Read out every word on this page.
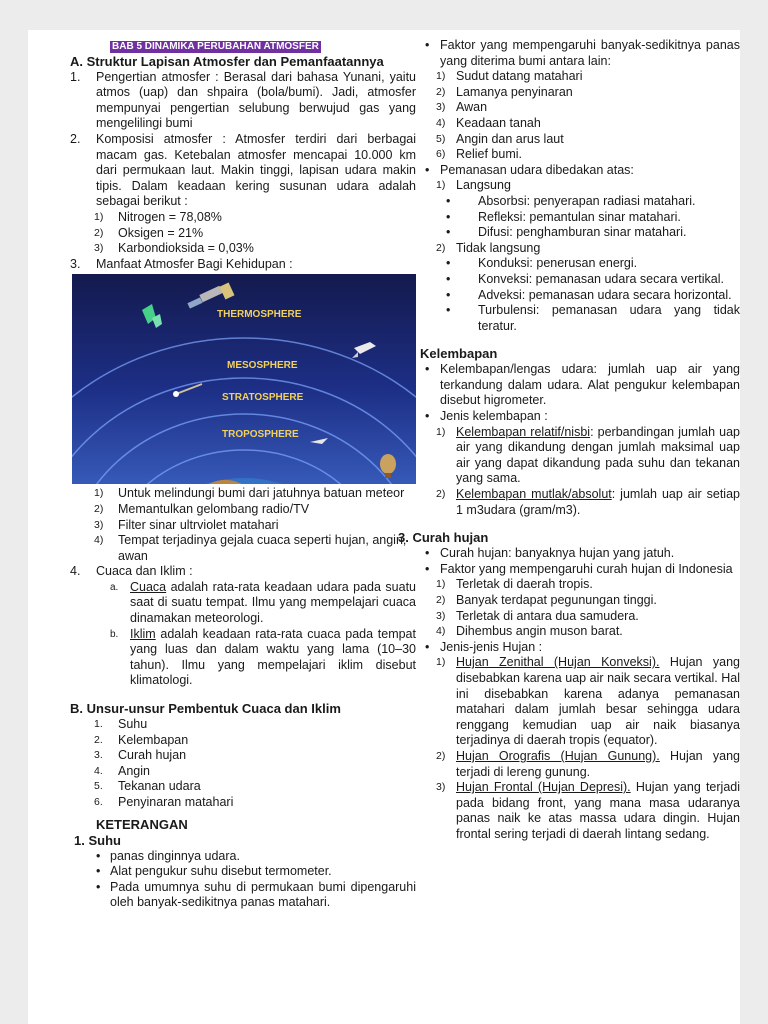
BAB 5 DINAMIKA PERUBAHAN ATMOSFER
A. Struktur Lapisan Atmosfer dan Pemanfaatannya
1. Pengertian atmosfer : Berasal dari bahasa Yunani, yaitu atmos (uap) dan shpaira (bola/bumi). Jadi, atmosfer mempunyai pengertian selubung berwujud gas yang mengelilingi bumi
2. Komposisi atmosfer : Atmosfer terdiri dari berbagai macam gas. Ketebalan atmosfer mencapai 10.000 km dari permukaan laut. Makin tinggi, lapisan udara makin tipis. Dalam keadaan kering susunan udara adalah sebagai berikut :
1) Nitrogen = 78,08%
2) Oksigen = 21%
3) Karbondioksida = 0,03%
3. Manfaat Atmosfer Bagi Kehidupan :
THERMOSPHERE
MESOSPHERE
STRATOSPHERE
TROPOSPHERE
1) Untuk melindungi bumi dari jatuhnya batuan meteor
2) Memantulkan gelombang radio/TV
3) Filter sinar ultrviolet matahari
4) Tempat terjadinya gejala cuaca seperti hujan, angin, awan
4. Cuaca dan Iklim :
a. Cuaca adalah rata-rata keadaan udara pada suatu saat di suatu tempat. Ilmu yang mempelajari cuaca dinamakan meteorologi.
b. Iklim adalah keadaan rata-rata cuaca pada tempat yang luas dan dalam waktu yang lama (10–30 tahun). Ilmu yang mempelajari iklim disebut klimatologi.
B. Unsur-unsur Pembentuk Cuaca dan Iklim
1. Suhu
2. Kelembapan
3. Curah hujan
4. Angin
5. Tekanan udara
6. Penyinaran matahari
KETERANGAN
1. Suhu
• panas dinginnya udara.
• Alat pengukur suhu disebut termometer.
• Pada umumnya suhu di permukaan bumi dipengaruhi oleh banyak-sedikitnya panas matahari.
• Faktor yang mempengaruhi banyak-sedikitnya panas yang diterima bumi antara lain:
1) Sudut datang matahari
2) Lamanya penyinaran
3) Awan
4) Keadaan tanah
5) Angin dan arus laut
6) Relief bumi.
• Pemanasan udara dibedakan atas:
1) Langsung
• Absorbsi: penyerapan radiasi matahari.
• Refleksi: pemantulan sinar matahari.
• Difusi: penghamburan sinar matahari.
2) Tidak langsung
• Konduksi: penerusan energi.
• Konveksi: pemanasan udara secara vertikal.
• Adveksi: pemanasan udara secara horizontal.
• Turbulensi: pemanasan udara yang tidak teratur.
Kelembapan
• Kelembapan/lengas udara: jumlah uap air yang terkandung dalam udara. Alat pengukur kelembapan disebut higrometer.
• Jenis kelembapan :
1) Kelembapan relatif/nisbi: perbandingan jumlah uap air yang dikandung dengan jumlah maksimal uap air yang dapat dikandung pada suhu dan tekanan yang sama.
2) Kelembapan mutlak/absolut: jumlah uap air setiap 1 m3udara (gram/m3).
3. Curah hujan
• Curah hujan: banyaknya hujan yang jatuh.
• Faktor yang mempengaruhi curah hujan di Indonesia
1) Terletak di daerah tropis.
2) Banyak terdapat pegunungan tinggi.
3) Terletak di antara dua samudera.
4) Dihembus angin muson barat.
• Jenis-jenis Hujan :
1) Hujan Zenithal (Hujan Konveksi). Hujan yang disebabkan karena uap air naik secara vertikal. Hal ini disebabkan karena adanya pemanasan matahari dalam jumlah besar sehingga udara renggang kemudian uap air naik biasanya terjadinya di daerah tropis (equator).
2) Hujan Orografis (Hujan Gunung). Hujan yang terjadi di lereng gunung.
3) Hujan Frontal (Hujan Depresi). Hujan yang terjadi pada bidang front, yang mana masa udaranya panas naik ke atas massa udara dingin. Hujan frontal sering terjadi di daerah lintang sedang.
